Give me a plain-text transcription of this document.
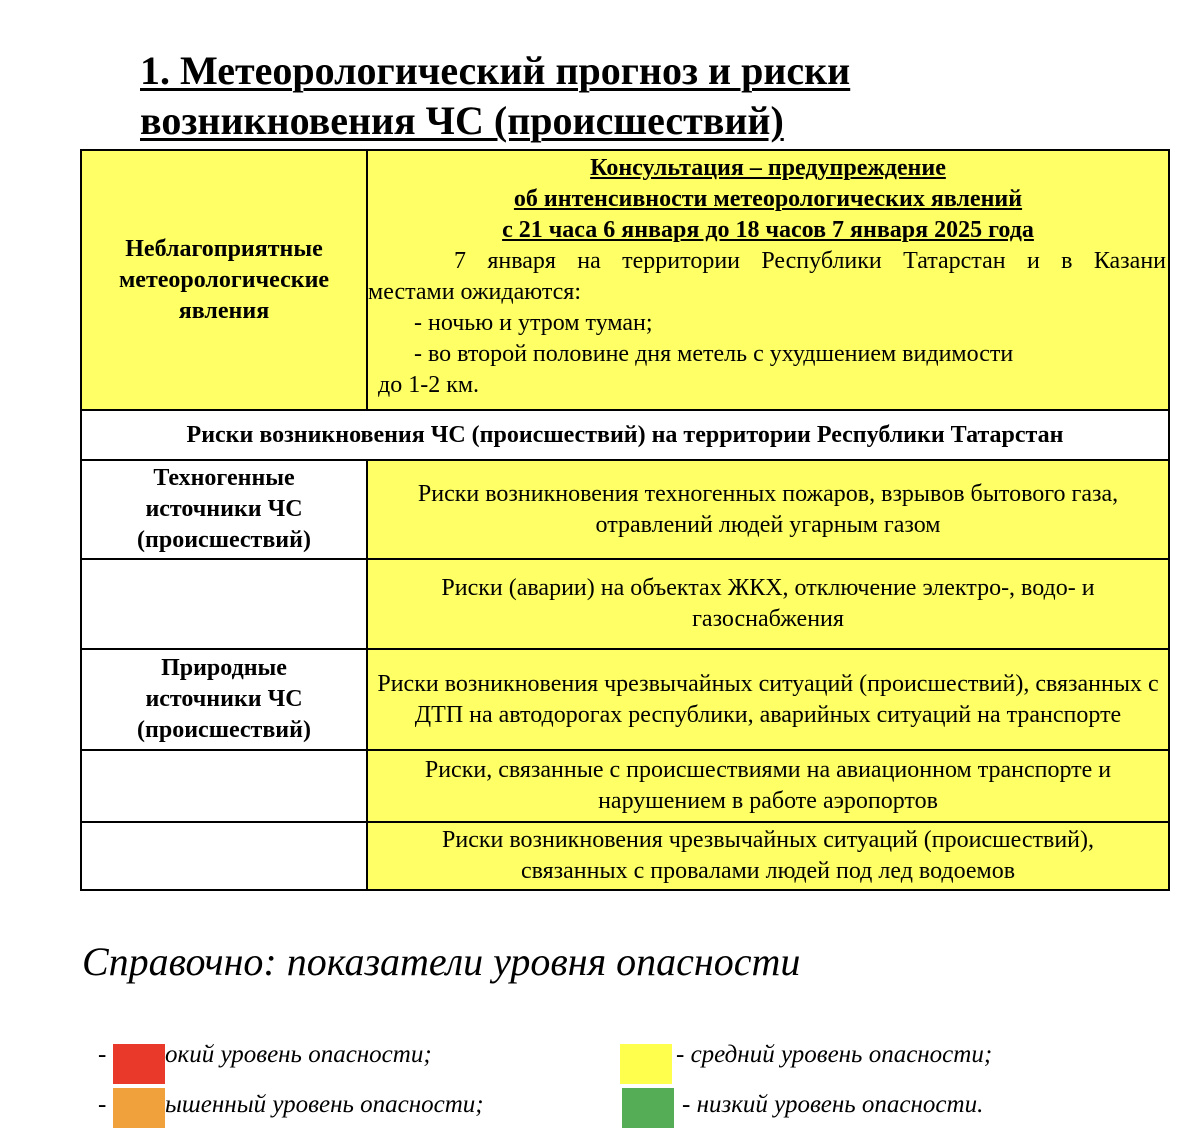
1. Метеорологический прогноз и риски
возникновения ЧС (происшествий)
Неблагоприятные метеорологические явления
Консультация – предупреждение
об интенсивности метеорологических явлений
с 21 часа 6 января до 18 часов 7 января 2025 года

7 января на территории Республики Татарстан и в Казани

местами ожидаются:

- ночью и утром туман;

- во второй половине дня метель с ухудшением видимости

до 1-2 км.

Риски возникновения ЧС (происшествий) на территории Республики Татарстан
Техногенные источники ЧС (происшествий)
Риски возникновения техногенных пожаров, взрывов бытового газа, отравлений людей угарным газом
Риски (аварии) на объектах ЖКХ, отключение электро-, водо- и газоснабжения
Природные источники ЧС (происшествий)
Риски возникновения чрезвычайных ситуаций (происшествий), связанных с ДТП на автодорогах республики, аварийных ситуаций на транспорте
Риски, связанные с происшествиями на авиационном транспорте и нарушением в работе аэропортов
Риски возникновения чрезвычайных ситуаций (происшествий), связанных с провалами людей под лед водоемов

Справочно: показатели уровня опасности

- окий уровень опасности;
- ышенный уровень опасности;
- средний уровень опасности;
- низкий уровень опасности.
